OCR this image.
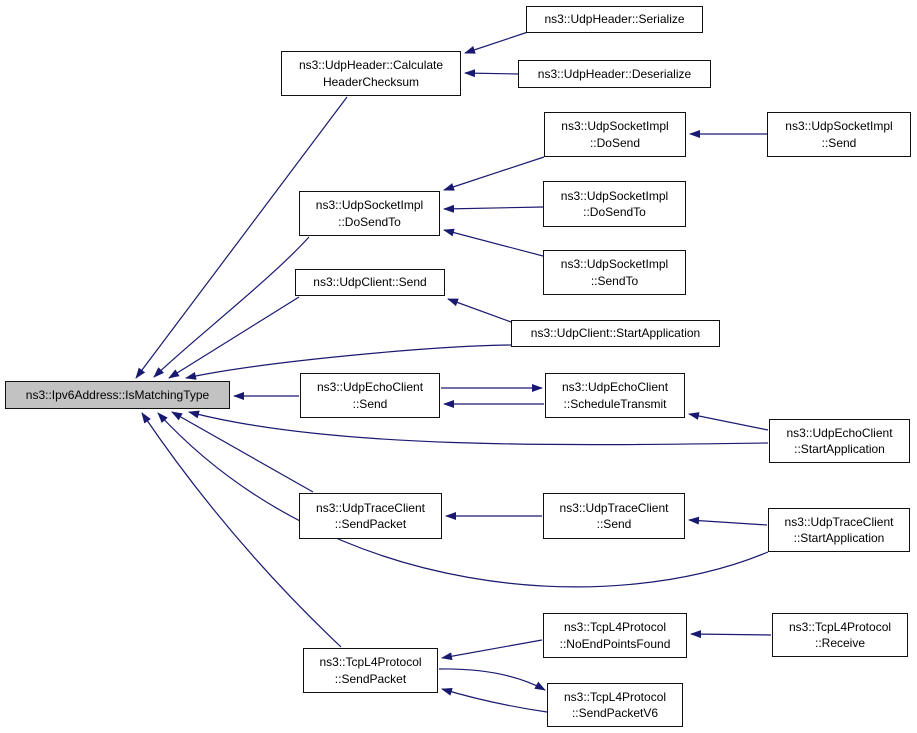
ns3::Ipv6Address::IsMatchingType
ns3::UdpHeader::Calculate
HeaderChecksum
ns3::UdpHeader::Serialize
ns3::UdpHeader::Deserialize
ns3::UdpSocketImpl
::DoSend
ns3::UdpSocketImpl
::Send
ns3::UdpSocketImpl
::DoSendTo
ns3::UdpSocketImpl
::SendTo
ns3::UdpSocketImpl
::DoSendTo
ns3::UdpClient::Send
ns3::UdpClient::StartApplication
ns3::UdpEchoClient
::Send
ns3::UdpEchoClient
::ScheduleTransmit
ns3::UdpEchoClient
::StartApplication
ns3::UdpTraceClient
::SendPacket
ns3::UdpTraceClient
::Send	ns3::UdpTraceClient
::StartApplication
ns3::TcpL4Protocol
::SendPacket
ns3::TcpL4Protocol
::NoEndPointsFound
ns3::TcpL4Protocol
::SendPacketV6
ns3::TcpL4Protocol
::Receive
